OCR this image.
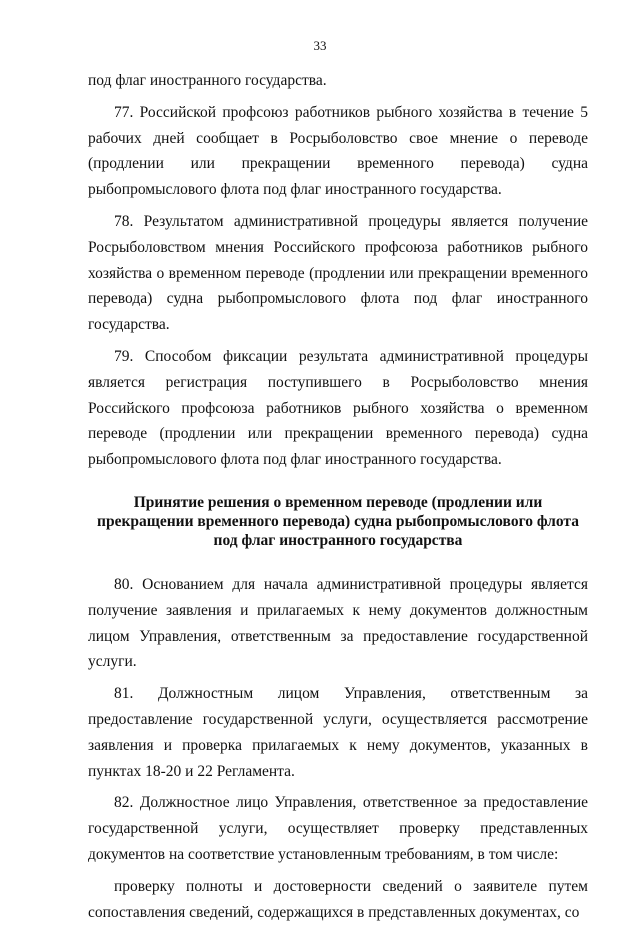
33

под флаг иностранного государства.

77. Российской профсоюз работников рыбного хозяйства в течение 5 рабочих дней сообщает в Росрыболовство свое мнение о переводе (продлении или прекращении временного перевода) судна рыбопромыслового флота под флаг иностранного государства.

78. Результатом административной процедуры является получение Росрыболовством мнения Российского профсоюза работников рыбного хозяйства о временном переводе (продлении или прекращении временного перевода) судна рыбопромыслового флота под флаг иностранного государства.

79. Способом фиксации результата административной процедуры является регистрация поступившего в Росрыболовство мнения Российского профсоюза работников рыбного хозяйства о временном переводе (продлении или прекращении временного перевода) судна рыбопромыслового флота под флаг иностранного государства.

Принятие решения о временном переводе (продлении или прекращении временного перевода) судна рыбопромыслового флота под флаг иностранного государства

80. Основанием для начала административной процедуры является получение заявления и прилагаемых к нему документов должностным лицом Управления, ответственным за предоставление государственной услуги.

81. Должностным лицом Управления, ответственным за предоставление государственной услуги, осуществляется рассмотрение заявления и проверка прилагаемых к нему документов, указанных в пунктах 18-20 и 22 Регламента.

82. Должностное лицо Управления, ответственное за предоставление государственной услуги, осуществляет проверку представленных документов на соответствие установленным требованиям, в том числе:

проверку полноты и достоверности сведений о заявителе путем сопоставления сведений, содержащихся в представленных документах, со
